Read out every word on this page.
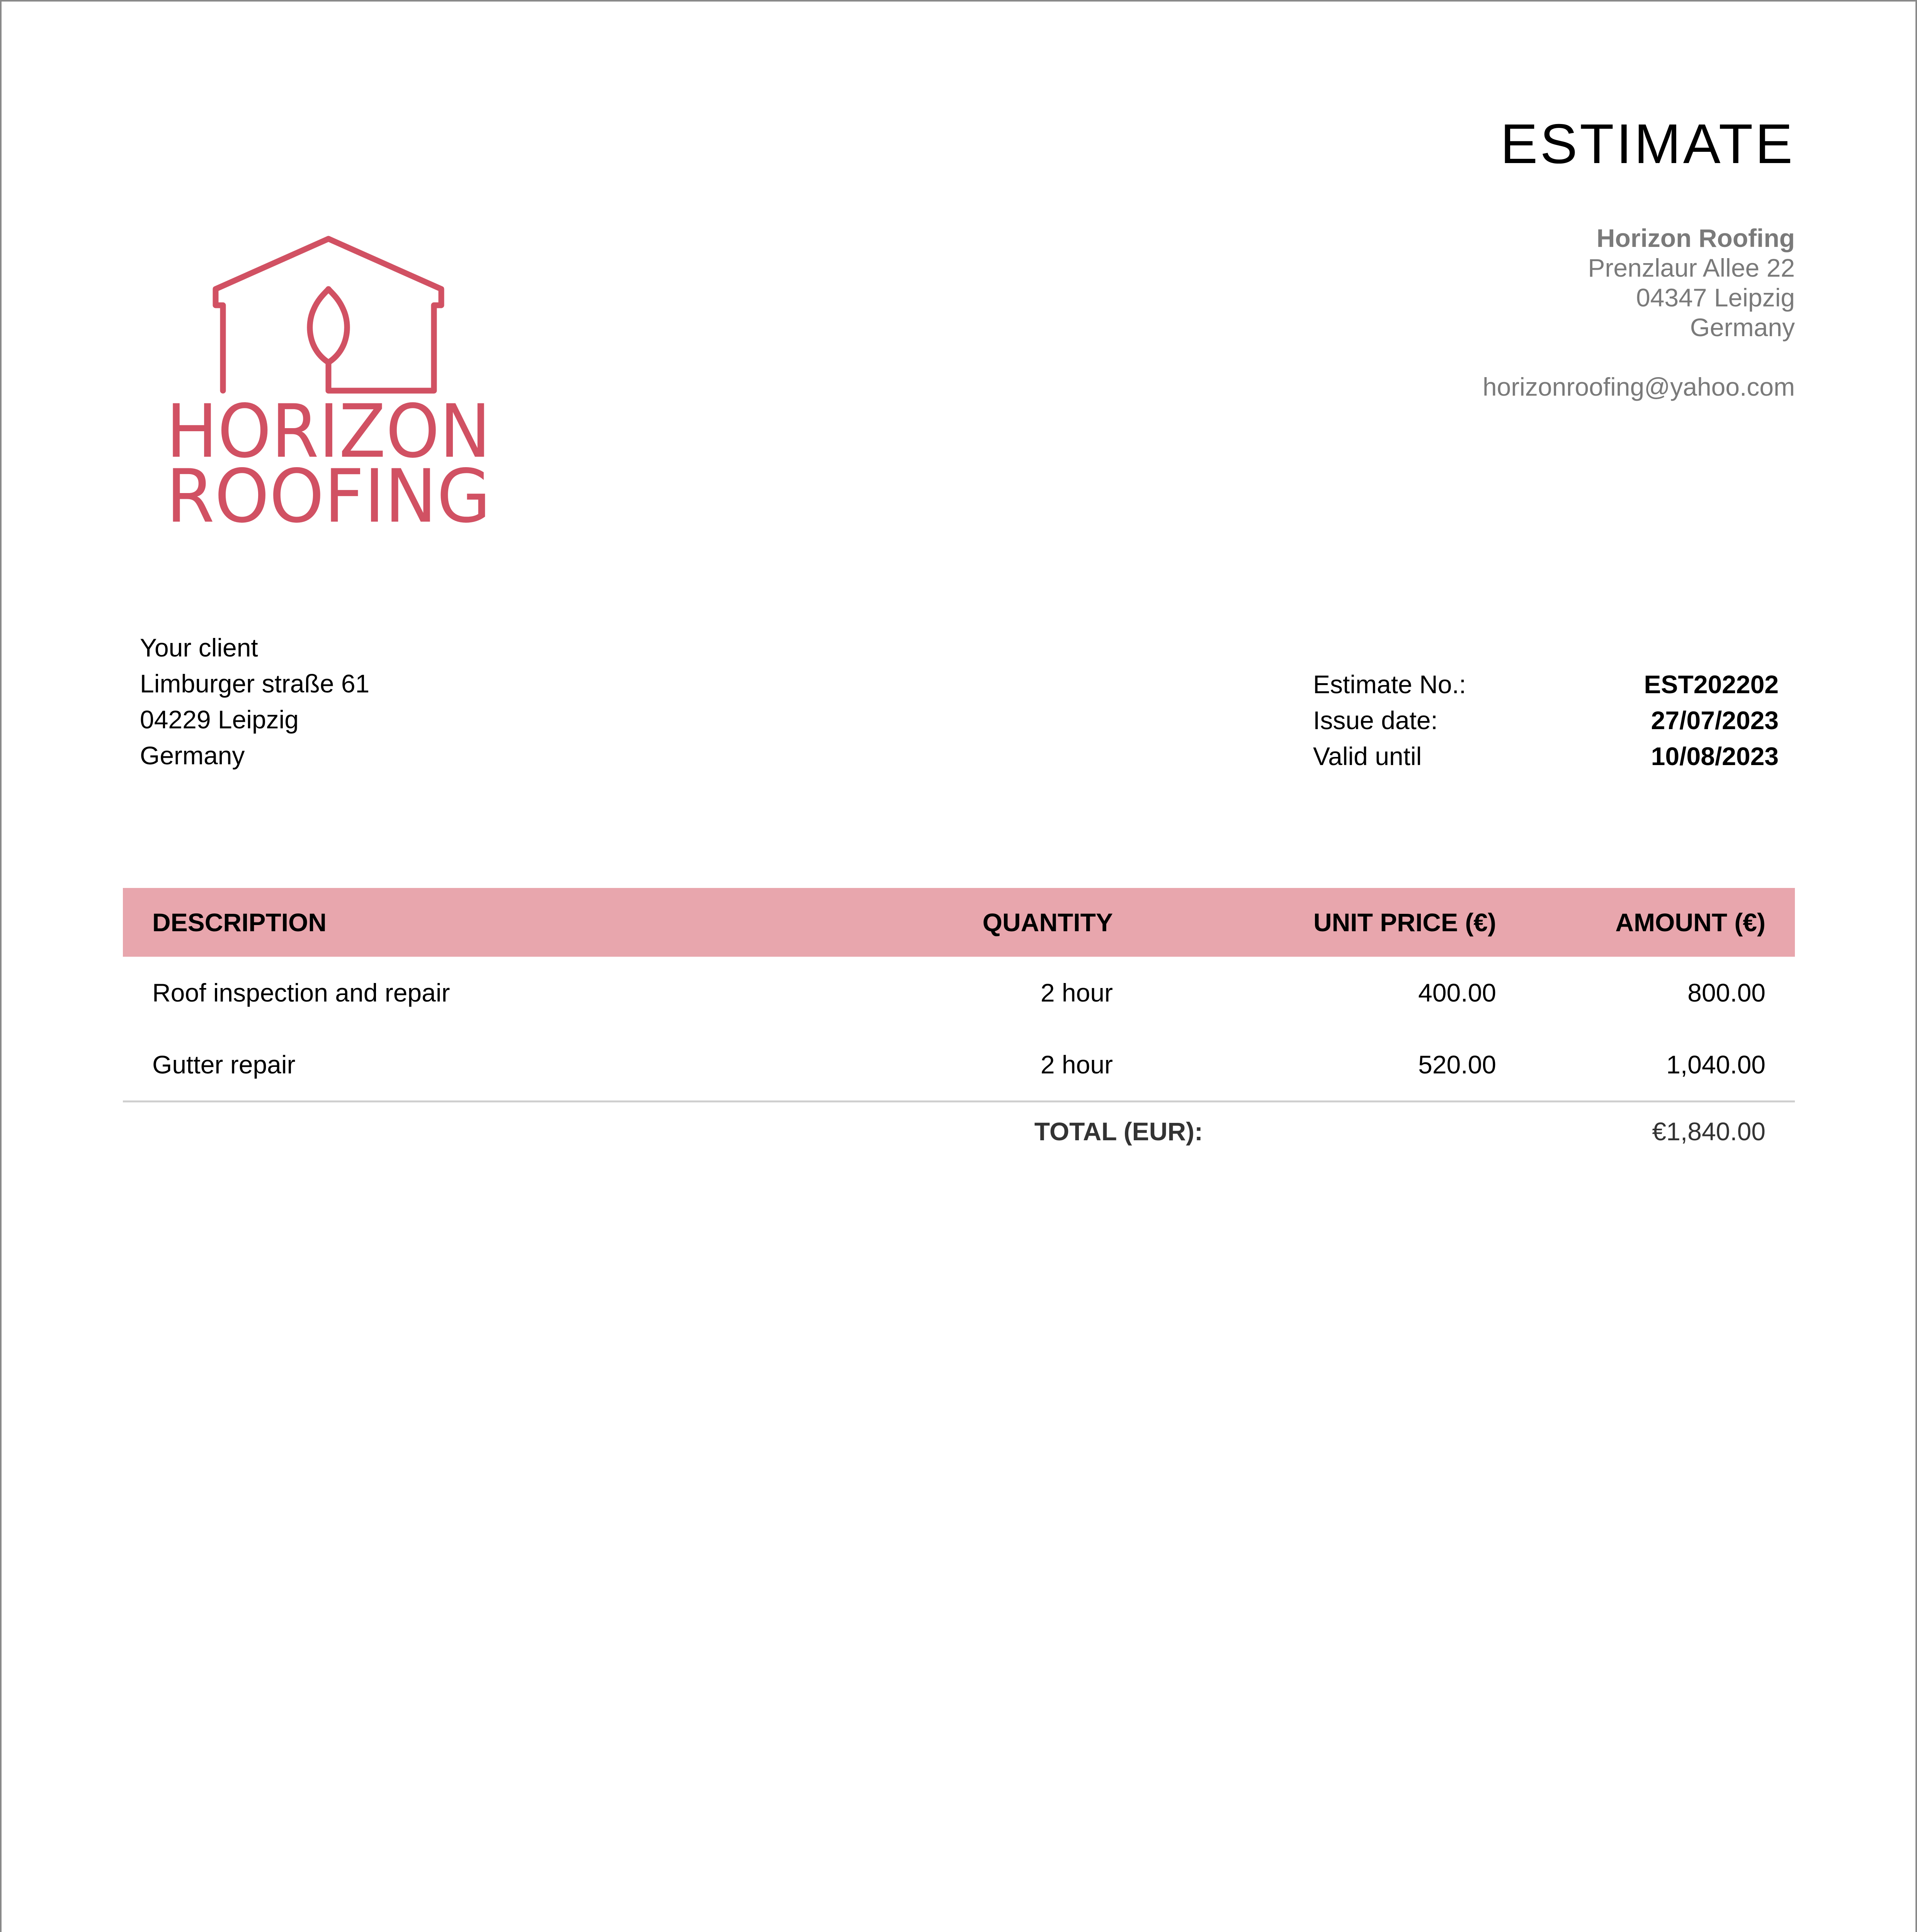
ESTIMATE
Horizon Roofing
Prenzlaur Allee 22
04347 Leipzig
Germany
horizonroofing@yahoo.com
HORIZON
ROOFING
Your client
Limburger straße 61
04229 Leipzig
Germany
Estimate No.:	EST202202
Issue date:	27/07/2023
Valid until	10/08/2023
DESCRIPTION	QUANTITY	UNIT PRICE (€)	AMOUNT (€)
Roof inspection and repair	2 hour	400.00	800.00
Gutter repair	2 hour	520.00	1,040.00
TOTAL (EUR):	€1,840.00
